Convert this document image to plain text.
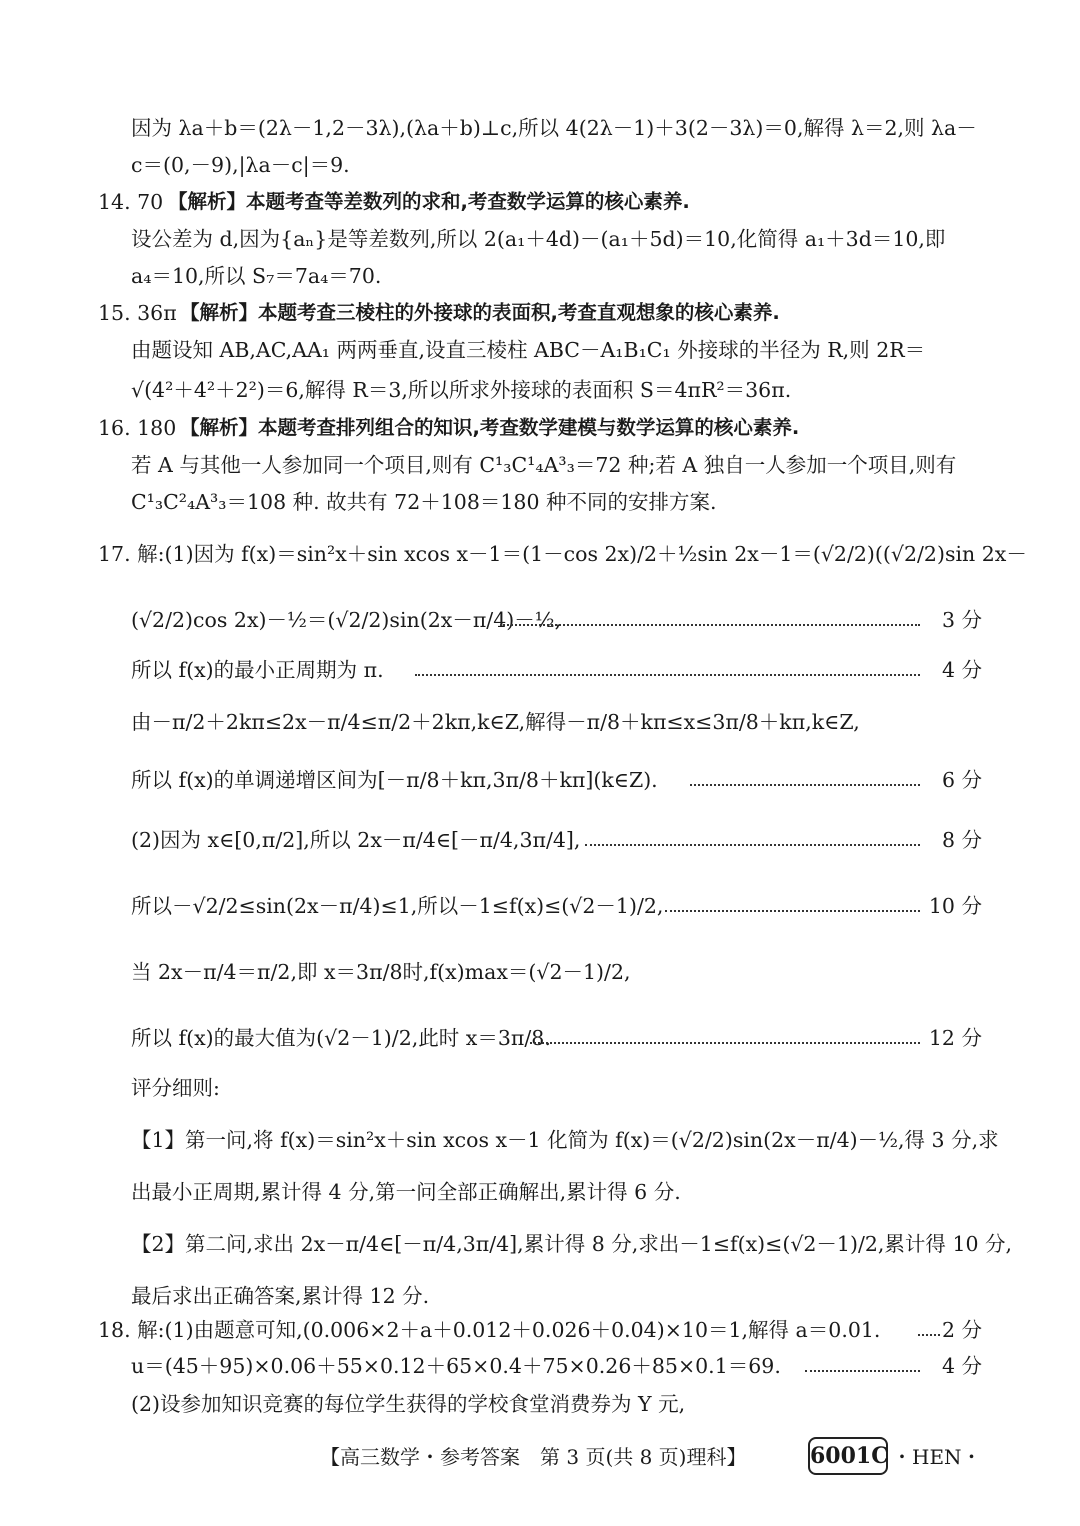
因为 λa＋b＝(2λ－1,2－3λ),(λa＋b)⊥c,所以 4(2λ－1)＋3(2－3λ)＝0,解得 λ＝2,则 λa－
c＝(0,－9),|λa－c|＝9.
14. 70 【解析】本题考查等差数列的求和,考查数学运算的核心素养.
设公差为 d,因为{aₙ}是等差数列,所以 2(a₁＋4d)－(a₁＋5d)＝10,化简得 a₁＋3d＝10,即
a₄＝10,所以 S₇＝7a₄＝70.
15. 36π 【解析】本题考查三棱柱的外接球的表面积,考查直观想象的核心素养.
由题设知 AB,AC,AA₁ 两两垂直,设直三棱柱 ABC－A₁B₁C₁ 外接球的半径为 R,则 2R＝
√(4²＋4²＋2²)＝6,解得 R＝3,所以所求外接球的表面积 S＝4πR²＝36π.
16. 180 【解析】本题考查排列组合的知识,考查数学建模与数学运算的核心素养.
若 A 与其他一人参加同一个项目,则有 C¹₃C¹₄A³₃＝72 种;若 A 独自一人参加一个项目,则有
C¹₃C²₄A³₃＝108 种. 故共有 72＋108＝180 种不同的安排方案.
17. 解:(1)因为 f(x)＝sin²x＋sin xcos x－1＝(1－cos 2x)/2＋½sin 2x－1＝(√2/2)((√2/2)sin 2x－
(√2/2)cos 2x)－½＝(√2/2)sin(2x－π/4)－½,	3 分
所以 f(x)的最小正周期为 π.	4 分
由－π/2＋2kπ≤2x－π/4≤π/2＋2kπ,k∈Z,解得－π/8＋kπ≤x≤3π/8＋kπ,k∈Z,
所以 f(x)的单调递增区间为[－π/8＋kπ,3π/8＋kπ](k∈Z).	6 分
(2)因为 x∈[0,π/2],所以 2x－π/4∈[－π/4,3π/4],	8 分
所以－√2/2≤sin(2x－π/4)≤1,所以－1≤f(x)≤(√2－1)/2,	10 分
当 2x－π/4＝π/2,即 x＝3π/8时,f(x)max＝(√2－1)/2,
所以 f(x)的最大值为(√2－1)/2,此时 x＝3π/8.	12 分
评分细则:
【1】第一问,将 f(x)＝sin²x＋sin xcos x－1 化简为 f(x)＝(√2/2)sin(2x－π/4)－½,得 3 分,求
出最小正周期,累计得 4 分,第一问全部正确解出,累计得 6 分.
【2】第二问,求出 2x－π/4∈[－π/4,3π/4],累计得 8 分,求出－1≤f(x)≤(√2－1)/2,累计得 10 分,
最后求出正确答案,累计得 12 分.
18. 解:(1)由题意可知,(0.006×2＋a＋0.012＋0.026＋0.04)×10＝1,解得 a＝0.01.	2 分
u＝(45＋95)×0.06＋55×0.12＋65×0.4＋75×0.26＋85×0.1＝69.	4 分
(2)设参加知识竞赛的每位学生获得的学校食堂消费券为 Y 元,
【高三数学・参考答案　第 3 页(共 8 页)理科】	・HEN・
6001C
